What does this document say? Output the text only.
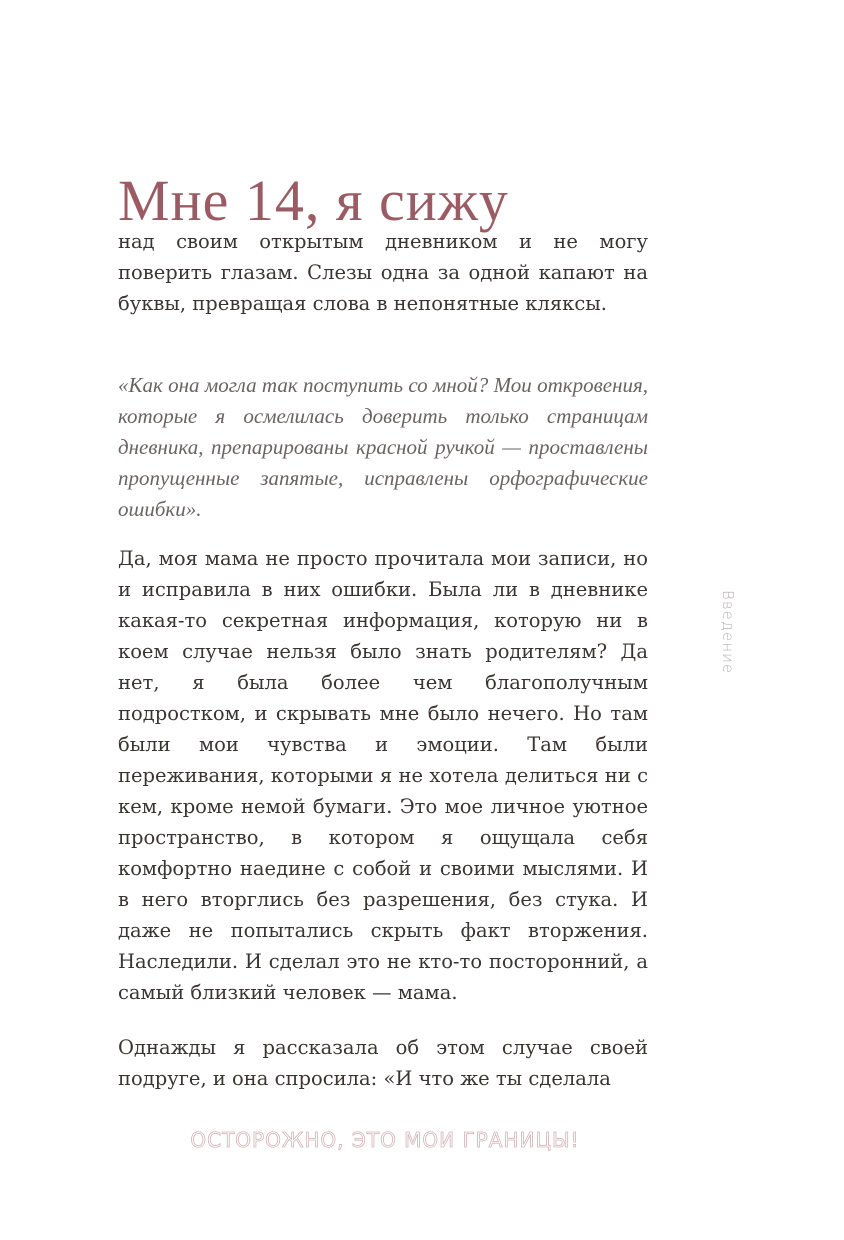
Мне 14, я сижу

над своим открытым дневником и не могу поверить глазам. Слезы одна за одной капают на буквы, превращая слова в непонятные кляксы.

«Как она могла так поступить со мной? Мои откровения, которые я осмелилась доверить только страницам дневника, препарированы красной ручкой — проставлены пропущенные запятые, исправлены орфографические ошибки».

Да, моя мама не просто прочитала мои записи, но и исправила в них ошибки. Была ли в дневнике какая-то секретная информация, которую ни в коем случае нельзя было знать родителям? Да нет, я была более чем благополучным подростком, и скрывать мне было нечего. Но там были мои чувства и эмоции. Там были переживания, которыми я не хотела делиться ни с кем, кроме немой бумаги. Это мое личное уютное пространство, в котором я ощущала себя комфортно наедине с собой и своими мыслями. И в него вторглись без разрешения, без стука. И даже не попытались скрыть факт вторжения. Наследили. И сделал это не кто-то посторонний, а самый близкий человек — мама.

Однажды я рассказала об этом случае своей подруге, и она спросила: «И что же ты сделала

Введение
ОСТОРОЖНО, ЭТО МОИ ГРАНИЦЫ!
